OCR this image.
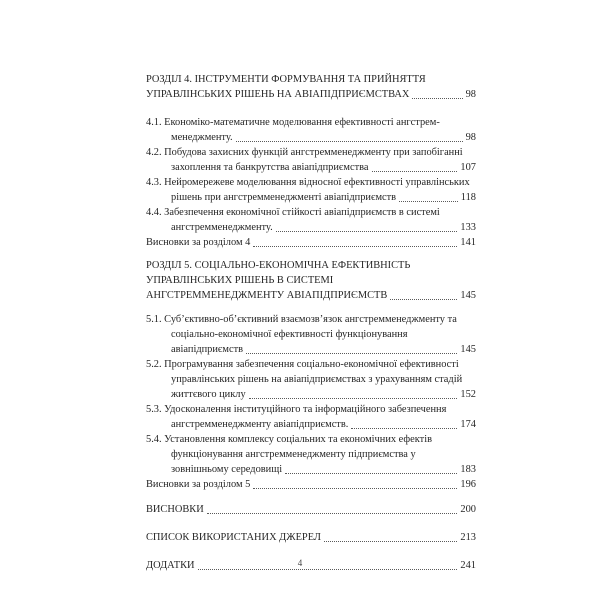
РОЗДІЛ 4. ІНСТРУМЕНТИ ФОРМУВАННЯ ТА ПРИЙНЯТТЯ
УПРАВЛІНСЬКИХ РІШЕНЬ НА АВІАПІДПРИЄМСТВАХ	98
4.1. Економіко-математичне моделювання ефективності ангстрем-
менеджменту.	98
4.2. Побудова захисних функцій ангстремменеджменту при запобіганні
захоплення та банкрутства авіапідприємства	107
4.3. Нейромережеве моделювання відносної ефективності управлінських
рішень при ангстремменеджменті авіапідприємств	118
4.4. Забезпечення економічної стійкості авіапідприємств в системі
ангстремменеджменту.	133
Висновки за розділом 4	141
РОЗДІЛ 5. СОЦІАЛЬНО-ЕКОНОМІЧНА ЕФЕКТИВНІСТЬ
УПРАВЛІНСЬКИХ РІШЕНЬ В СИСТЕМІ
АНГСТРЕММЕНЕДЖМЕНТУ АВІАПІДПРИЄМСТВ	145
5.1. Суб’єктивно-об’єктивний взаємозв’язок ангстремменеджменту та
соціально-економічної ефективності функціонування
авіапідприємств	145
5.2. Програмування забезпечення соціально-економічної ефективності
управлінських рішень на авіапідприємствах з урахуванням стадій
життєвого циклу	152
5.3. Удосконалення інституційного та інформаційного забезпечення
ангстремменеджменту авіапідприємств.	174
5.4. Установлення комплексу соціальних та економічних ефектів
функціонування ангстремменеджменту підприємства у
зовнішньому середовищі	183
Висновки за розділом 5	196
ВИСНОВКИ	200
СПИСОК ВИКОРИСТАНИХ ДЖЕРЕЛ	213
ДОДАТКИ	241
4
